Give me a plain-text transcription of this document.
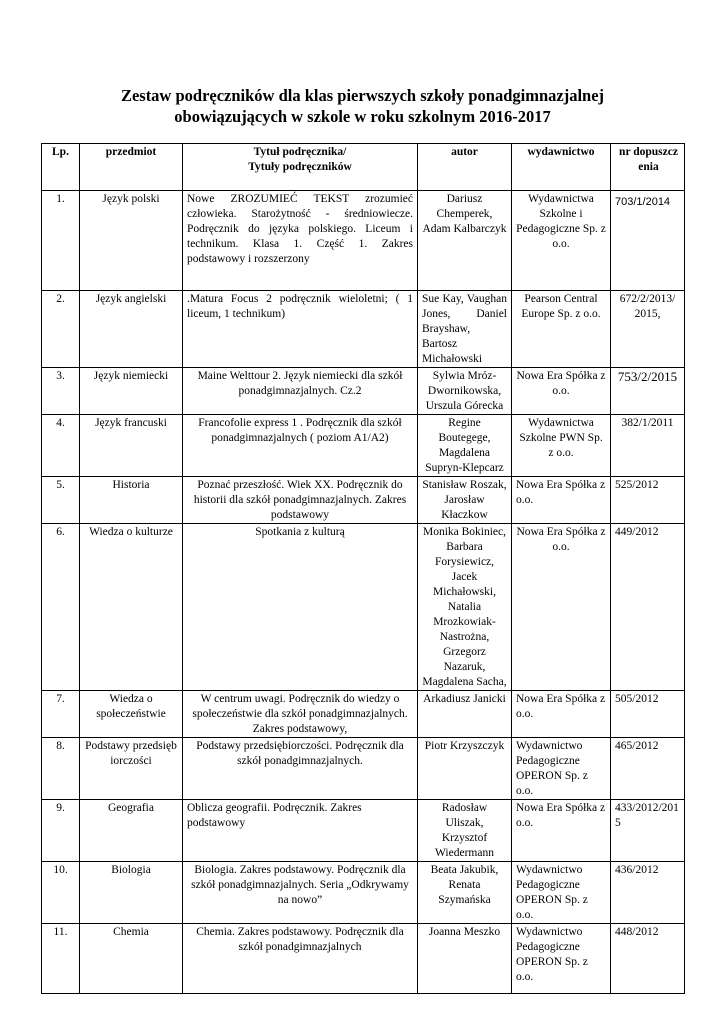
Zestaw podręczników dla klas pierwszych szkoły ponadgimnazjalnej
obowiązujących w szkole w roku szkolnym 2016-2017
Lp.	przedmiot	Tytuł podręcznika/ Tytuły podręczników	autor	wydawnictwo	nr dopuszczenia
1.	Język polski	Nowe ZROZUMIEĆ TEKST zrozumieć człowieka. Starożytność - średniowiecze. Podręcznik do języka polskiego. Liceum i technikum. Klasa 1. Część 1. Zakres podstawowy i rozszerzony	Dariusz Chemperek, Adam Kalbarczyk	Wydawnictwa Szkolne i Pedagogiczne Sp. z o.o.	703/1/2014
2.	Język angielski	.Matura Focus 2 podręcznik wieloletni; ( 1 liceum, 1 technikum)	Sue Kay, Vaughan Jones, Daniel Brayshaw, Bartosz Michałowski	Pearson Central Europe Sp. z o.o.	672/2/2013/ 2015,
3.	Język niemiecki	Maine Welttour 2. Język niemiecki dla szkół ponadgimnazjalnych. Cz.2	Sylwia Mróz-Dwornikowska, Urszula Górecka	Nowa Era Spółka z o.o.	753/2/2015
4.	Język francuski	Francofolie express 1 . Podręcznik dla szkół ponadgimnazjalnych ( poziom A1/A2)	Regine Boutegege, Magdalena Supryn-Klepcarz	Wydawnictwa Szkolne PWN Sp. z o.o.	382/1/2011
5.	Historia	Poznać przeszłość. Wiek XX. Podręcznik do historii dla szkół ponadgimnazjalnych. Zakres podstawowy	Stanisław Roszak, Jarosław Kłaczkow	Nowa Era Spółka z o.o.	525/2012
6.	Wiedza o kulturze	Spotkania z kulturą	Monika Bokiniec, Barbara Forysiewicz, Jacek Michałowski, Natalia Mrozkowiak-Nastrożna, Grzegorz Nazaruk, Magdalena Sacha,	Nowa Era Spółka z o.o.	449/2012
7.	Wiedza o społeczeństwie	W centrum uwagi. Podręcznik do wiedzy o społeczeństwie dla szkół ponadgimnazjalnych. Zakres podstawowy,	Arkadiusz Janicki	Nowa Era Spółka z o.o.	505/2012
8.	Podstawy przedsiębiorczości	Podstawy przedsiębiorczości. Podręcznik dla szkół ponadgimnazjalnych.	Piotr Krzyszczyk	Wydawnictwo Pedagogiczne OPERON Sp. z o.o.	465/2012
9.	Geografia	Oblicza geografii. Podręcznik. Zakres podstawowy	Radosław Uliszak, Krzysztof Wiedermann	Nowa Era Spółka z o.o.	433/2012/2015
10.	Biologia	Biologia. Zakres podstawowy. Podręcznik dla szkół ponadgimnazjalnych. Seria „Odkrywamy na nowo”	Beata Jakubik, Renata Szymańska	Wydawnictwo Pedagogiczne OPERON Sp. z o.o.	436/2012
11.	Chemia	Chemia. Zakres podstawowy. Podręcznik dla szkół ponadgimnazjalnych	Joanna Meszko	Wydawnictwo Pedagogiczne OPERON Sp. z o.o.	448/2012
